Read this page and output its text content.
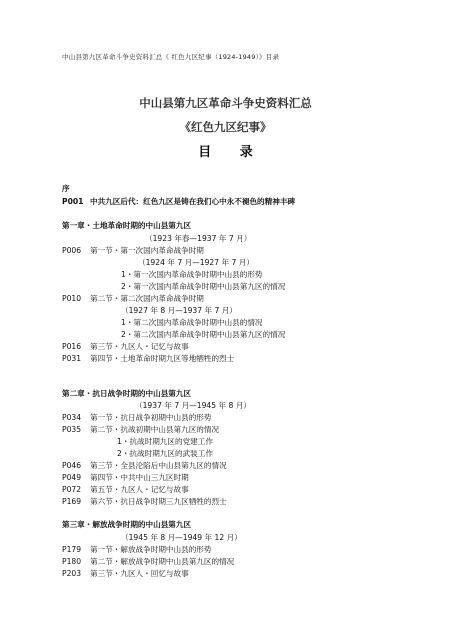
中山县第九区革命斗争史资料汇总《 红色九区纪事（1924-1949）》目录
中山县第九区革命斗争史资料汇总
《红色九区纪事》
目 录
序
P001 中共九区后代：红色九区是铸在我们心中永不褪色的精神丰碑
第一章・土地革命时期的中山县第九区
（1923 年春—1937 年 7 月）
P006 第一节・第一次国内革命战争时期
（1924 年 7 月—1927 年 7 月）
1・第一次国内革命战争时期中山县的形势
2・第一次国内革命战争时期中山县第九区的情况
P010 第二节・第二次国内革命战争时期
（1927 年 8 月—1937 年 7 月）
1・第二次国内革命战争时期中山县的情况
2・第二次国内革命战争时期中山县第九区的情况
P016 第三节・九区人・记忆与故事
P031 第四节・土地革命时期九区等地牺牲的烈士
第二章・抗日战争时期的中山县第九区
（1937 年 7 月—1945 年 8 月）
P034 第一节・抗日战争初期中山县的形势
P035 第二节・抗战初期中山县第九区的情况
1・抗战时期九区的党建工作
2・抗战时期九区的武装工作
P046 第三节・全县沦陷后中山县第九区的情况
P049 第四节・中共中山三九区时期
P072 第五节・九区人・记忆与故事
P169 第六节・抗日战争时期三九区牺牲的烈士
第三章・解放战争时期的中山县第九区
（1945 年 8 月—1949 年 12 月）
P179 第一节・解放战争时期中山县的形势
P180 第二节・解放战争时期中山县第九区的情况
P203 第三节・九区人・回忆与故事
